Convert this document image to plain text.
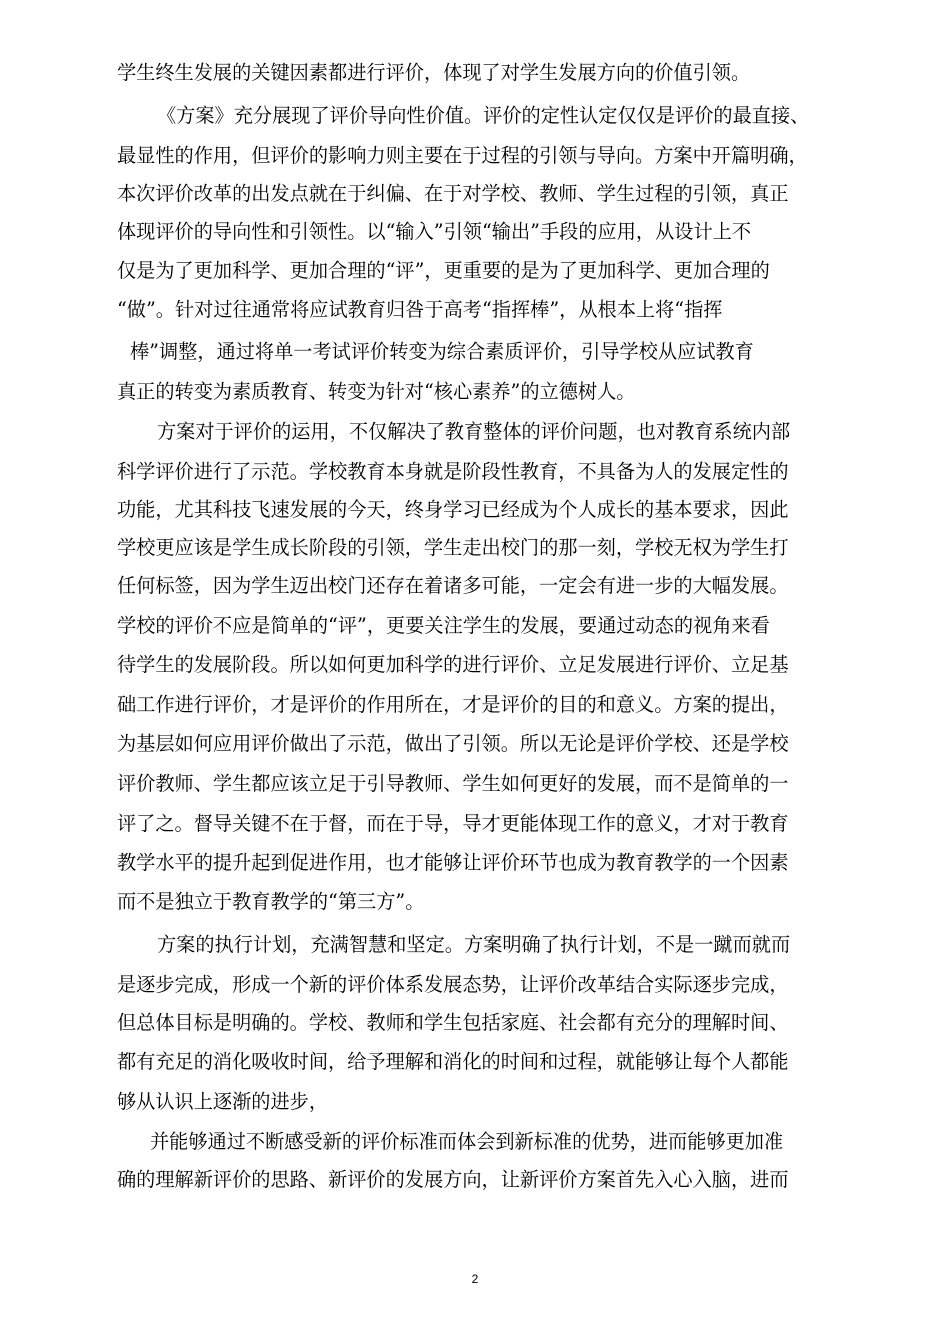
学生终生发展的关键因素都进行评价，体现了对学生发展方向的价值引领。
《方案》充分展现了评价导向性价值。评价的定性认定仅仅是评价的最直接、
最显性的作用，但评价的影响力则主要在于过程的引领与导向。方案中开篇明确，
本次评价改革的出发点就在于纠偏、在于对学校、教师、学生过程的引领，真正
体现评价的导向性和引领性。以“输入”引领“输出”手段的应用，从设计上不
仅是为了更加科学、更加合理的“评”，更重要的是为了更加科学、更加合理的
“做”。针对过往通常将应试教育归咎于高考“指挥棒”，从根本上将“指挥
棒”调整，通过将单一考试评价转变为综合素质评价，引导学校从应试教育
真正的转变为素质教育、转变为针对“核心素养”的立德树人。
方案对于评价的运用，不仅解决了教育整体的评价问题，也对教育系统内部
科学评价进行了示范。学校教育本身就是阶段性教育，不具备为人的发展定性的
功能，尤其科技飞速发展的今天，终身学习已经成为个人成长的基本要求，因此
学校更应该是学生成长阶段的引领，学生走出校门的那一刻，学校无权为学生打
任何标签，因为学生迈出校门还存在着诸多可能，一定会有进一步的大幅发展。
学校的评价不应是简单的“评”，更要关注学生的发展，要通过动态的视角来看
待学生的发展阶段。所以如何更加科学的进行评价、立足发展进行评价、立足基
础工作进行评价，才是评价的作用所在，才是评价的目的和意义。方案的提出，
为基层如何应用评价做出了示范，做出了引领。所以无论是评价学校、还是学校
评价教师、学生都应该立足于引导教师、学生如何更好的发展，而不是简单的一
评了之。督导关键不在于督，而在于导，导才更能体现工作的意义，才对于教育
教学水平的提升起到促进作用，也才能够让评价环节也成为教育教学的一个因素
而不是独立于教育教学的“第三方”。
方案的执行计划，充满智慧和坚定。方案明确了执行计划，不是一蹴而就而
是逐步完成，形成一个新的评价体系发展态势，让评价改革结合实际逐步完成，
但总体目标是明确的。学校、教师和学生包括家庭、社会都有充分的理解时间、
都有充足的消化吸收时间，给予理解和消化的时间和过程，就能够让每个人都能
够从认识上逐渐的进步，
并能够通过不断感受新的评价标准而体会到新标准的优势，进而能够更加准
确的理解新评价的思路、新评价的发展方向，让新评价方案首先入心入脑，进而
2
